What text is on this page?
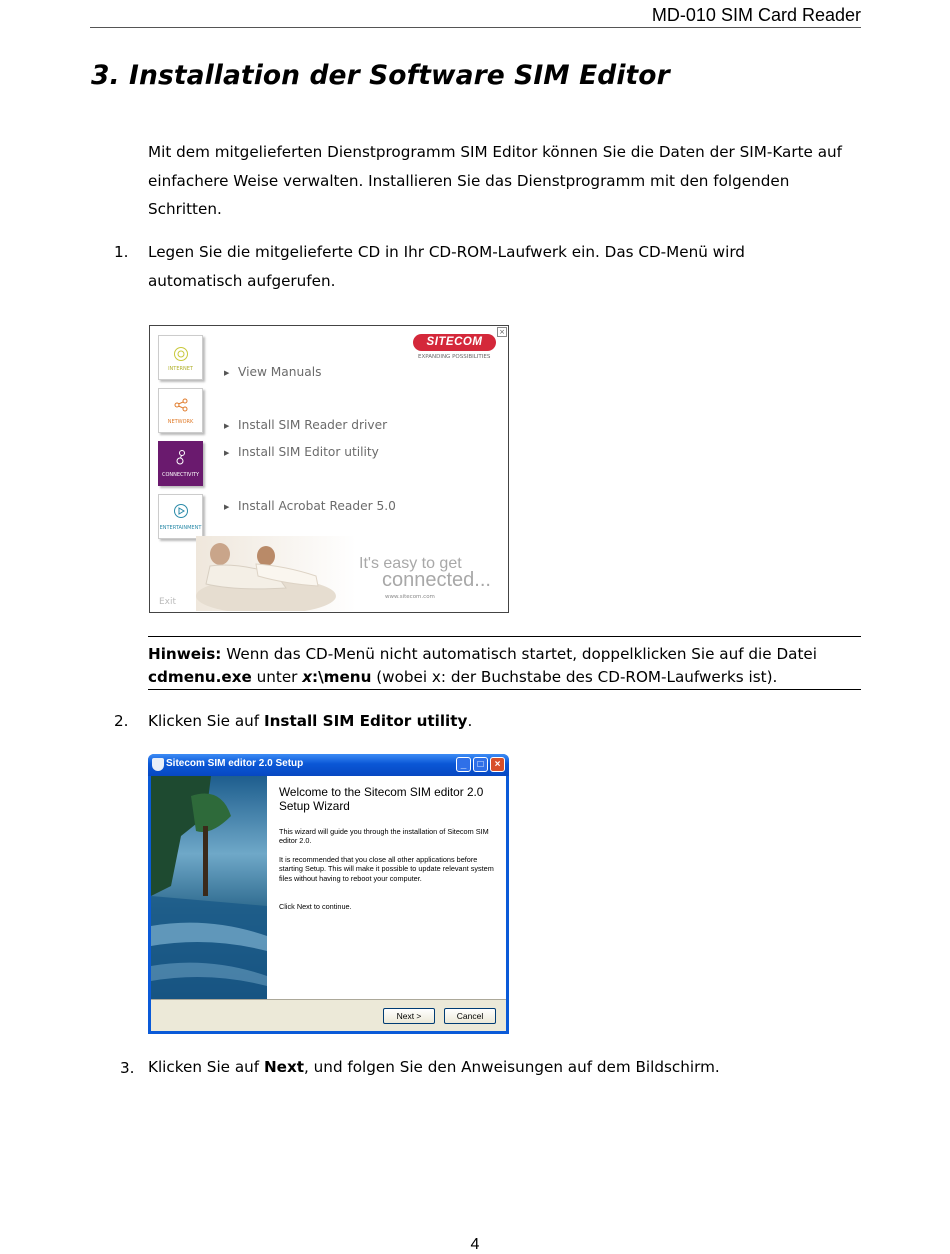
MD-010 SIM Card Reader
3. Installation der Software SIM Editor

Mit dem mitgelieferten Dienstprogramm SIM Editor können Sie die Daten der SIM-Karte auf einfachere Weise verwalten. Installieren Sie das Dienstprogramm mit den folgenden Schritten.

1. Legen Sie die mitgelieferte CD in Ihr CD-ROM-Laufwerk ein. Das CD-Menü wird automatisch aufgerufen.

×
INTERNET
NETWORK
CONNECTIVITY
ENTERTAINMENT
▶ View Manuals
▶ Install SIM Reader driver
▶ Install SIM Editor utility
▶ Install Acrobat Reader 5.0
SITECOM
EXPANDING POSSIBILITIES
It's easy to get
connected...
www.sitecom.com
Exit

Hinweis: Wenn das CD-Menü nicht automatisch startet, doppelklicken Sie auf die Datei cdmenu.exe unter x:\menu (wobei x: der Buchstabe des CD-ROM-Laufwerks ist).

2. Klicken Sie auf Install SIM Editor utility.

Sitecom SIM editor 2.0 Setup	_	□	×
Welcome to the Sitecom SIM editor 2.0 Setup Wizard

This wizard will guide you through the installation of Sitecom SIM editor 2.0.

It is recommended that you close all other applications before starting Setup. This will make it possible to update relevant system files without having to reboot your computer.

Click Next to continue.

Next >	Cancel
3. Klicken Sie auf Next, und folgen Sie den Anweisungen auf dem Bildschirm.

4
